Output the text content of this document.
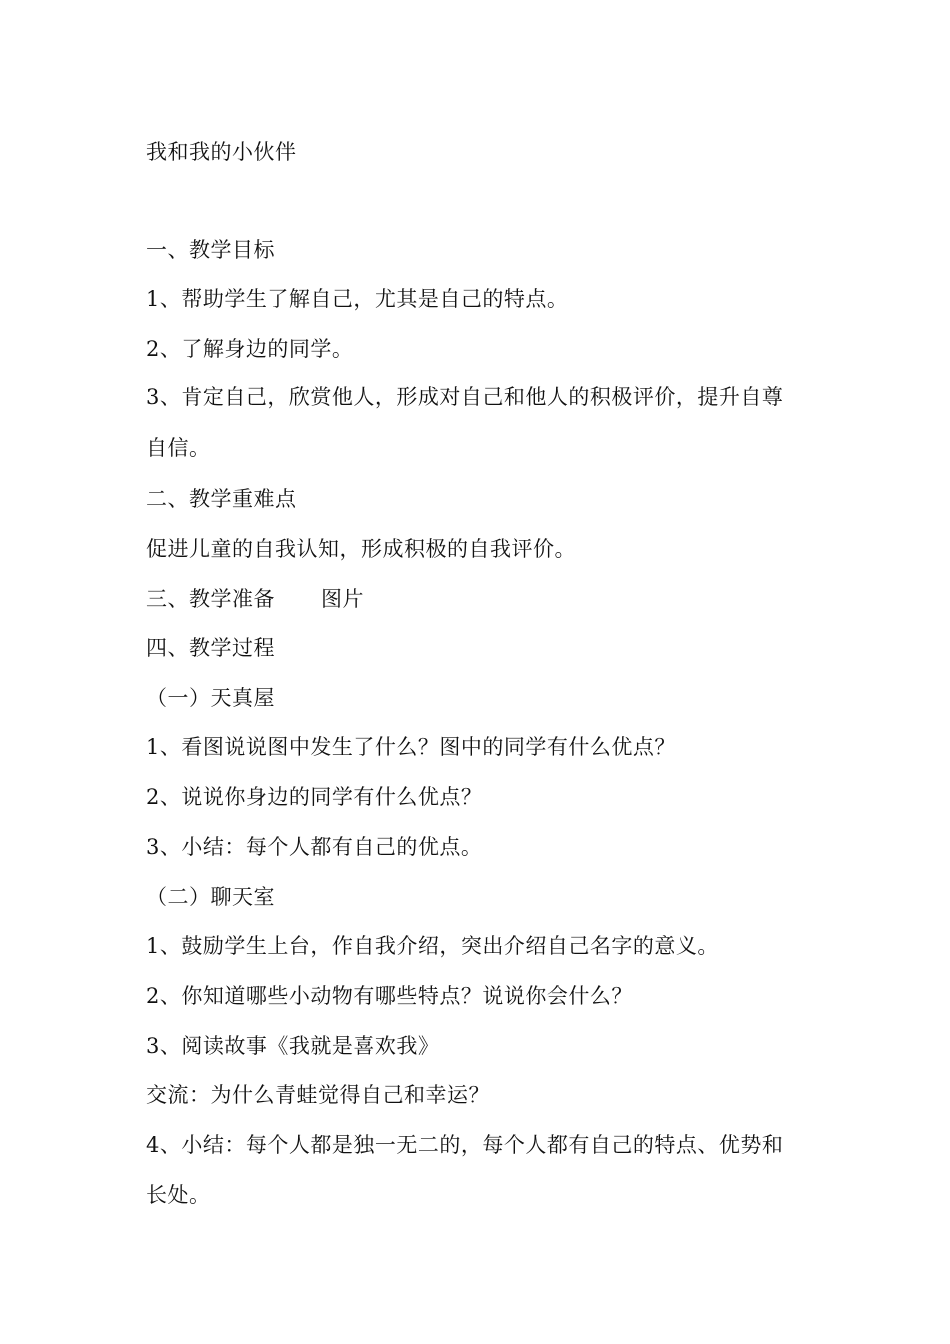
我和我的小伙伴
一、教学目标
1、帮助学生了解自己，尤其是自己的特点。
2、了解身边的同学。
3、肯定自己，欣赏他人，形成对自己和他人的积极评价，提升自尊
自信。
二、教学重难点
促进儿童的自我认知，形成积极的自我评价。
三、教学准备 图片
四、教学过程
（一）天真屋
1、看图说说图中发生了什么？图中的同学有什么优点？
2、说说你身边的同学有什么优点？
3、小结：每个人都有自己的优点。
（二）聊天室
1、鼓励学生上台，作自我介绍，突出介绍自己名字的意义。
2、你知道哪些小动物有哪些特点？说说你会什么？
3、阅读故事《我就是喜欢我》
交流：为什么青蛙觉得自己和幸运？
4、小结：每个人都是独一无二的，每个人都有自己的特点、优势和
长处。
